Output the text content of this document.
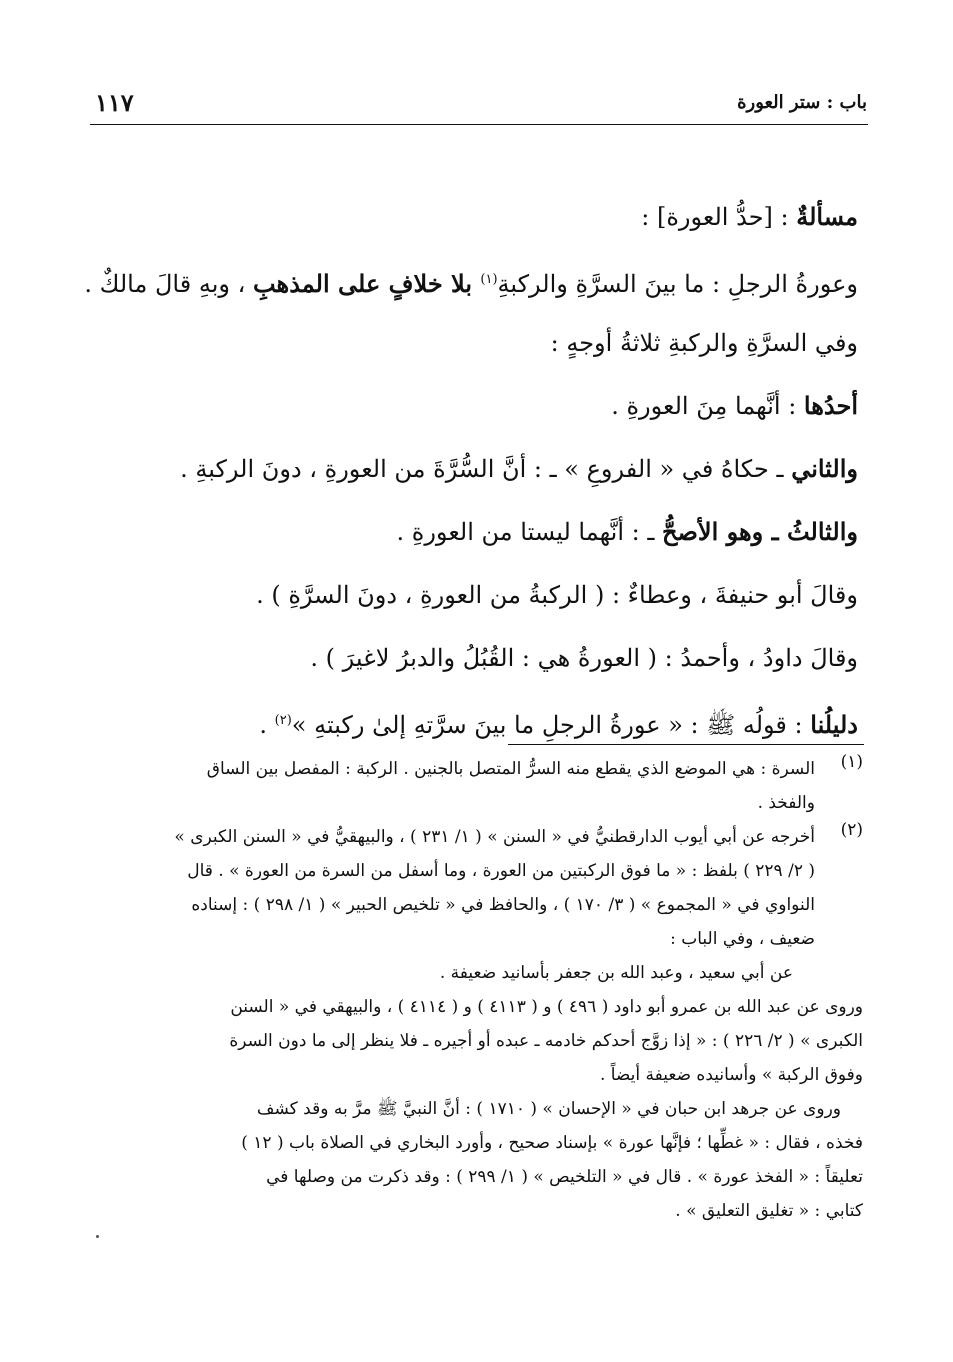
باب : ستر العورة
١١٧
مسألةٌ : [حدُّ العورة] :
وعورةُ الرجلِ : ما بينَ السرَّةِ والركبةِ$^{(١)}$ بلا خلافٍ على المذهبِ ، وبهِ قالَ مالكٌ .
وفي السرَّةِ والركبةِ ثلاثةُ أوجهٍ :
أحدُها : أنَّهما مِنَ العورةِ .
والثاني ـ حكاهُ في « الفروعِ » ـ : أنَّ السُّرَّةَ من العورةِ ، دونَ الركبةِ .
والثالثُ ـ وهو الأصحُّ ـ : أنَّهما ليستا من العورةِ .
وقالَ أبو حنيفةَ ، وعطاءٌ : ( الركبةُ من العورةِ ، دونَ السرَّةِ ) .
وقالَ داودُ ، وأحمدُ : ( العورةُ هي : القُبُلُ والدبرُ لاغيرَ ) .
دليلُنا : قولُه ﷺ : « عورةُ الرجلِ ما بينَ سرَّتهِ إلىٰ ركبتهِ »$^{(٢)}$ .
(١)
السرة : هي الموضع الذي يقطع منه السرُّ المتصل بالجنين . الركبة : المفصل بين الساق
والفخذ .
(٢)
أخرجه عن أبي أيوب الدارقطنيُّ في « السنن » ( ١/ ٢٣١ ) ، والبيهقيُّ في « السنن الكبرى »
( ٢/ ٢٢٩ ) بلفظ : « ما فوق الركبتين من العورة ، وما أسفل من السرة من العورة » . قال
النواوي في « المجموع » ( ٣/ ١٧٠ ) ، والحافظ في « تلخيص الحبير » ( ١/ ٢٩٨ ) : إسناده
ضعيف ، وفي الباب :
عن أبي سعيد ، وعبد الله بن جعفر بأسانيد ضعيفة .
وروى عن عبد الله بن عمرو أبو داود ( ٤٩٦ ) و ( ٤١١٣ ) و ( ٤١١٤ ) ، والبيهقي في « السنن
الكبرى » ( ٢/ ٢٢٦ ) : « إذا زوَّج أحدكم خادمه ـ عبده أو أجيره ـ فلا ينظر إلى ما دون السرة
وفوق الركبة » وأسانيده ضعيفة أيضاً .
وروى عن جرهد ابن حبان في « الإحسان » ( ١٧١٠ ) : أنَّ النبيَّ ﷺ مرَّ به وقد كشف
فخذه ، فقال : « غطِّها ؛ فإنَّها عورة » بإسناد صحيح ، وأورد البخاري في الصلاة باب ( ١٢ )
تعليقاً : « الفخذ عورة » . قال في « التلخيص » ( ١/ ٢٩٩ ) : وقد ذكرت من وصلها في
كتابي : « تغليق التعليق » .
